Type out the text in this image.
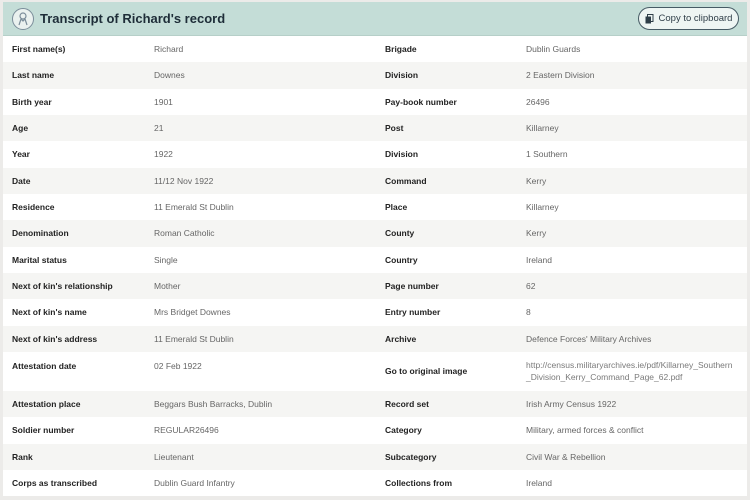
Transcript of Richard's record	Copy to clipboard
First name(s)	Richard	Brigade	Dublin Guards
Last name	Downes	Division	2 Eastern Division
Birth year	1901	Pay-book number	26496
Age	21	Post	Killarney
Year	1922	Division	1 Southern
Date	11/12 Nov 1922	Command	Kerry
Residence	11 Emerald St Dublin	Place	Killarney
Denomination	Roman Catholic	County	Kerry
Marital status	Single	Country	Ireland
Next of kin's relationship	Mother	Page number	62
Next of kin's name	Mrs Bridget Downes	Entry number	8
Next of kin's address	11 Emerald St Dublin	Archive	Defence Forces' Military Archives
Attestation date	02 Feb 1922	Go to original image	http://census.militaryarchives.ie/pdf/Killarney_Southern_Division_Kerry_Command_Page_62.pdf
Attestation place	Beggars Bush Barracks, Dublin	Record set	Irish Army Census 1922
Soldier number	REGULAR26496	Category	Military, armed forces & conflict
Rank	Lieutenant	Subcategory	Civil War & Rebellion
Corps as transcribed	Dublin Guard Infantry	Collections from	Ireland
